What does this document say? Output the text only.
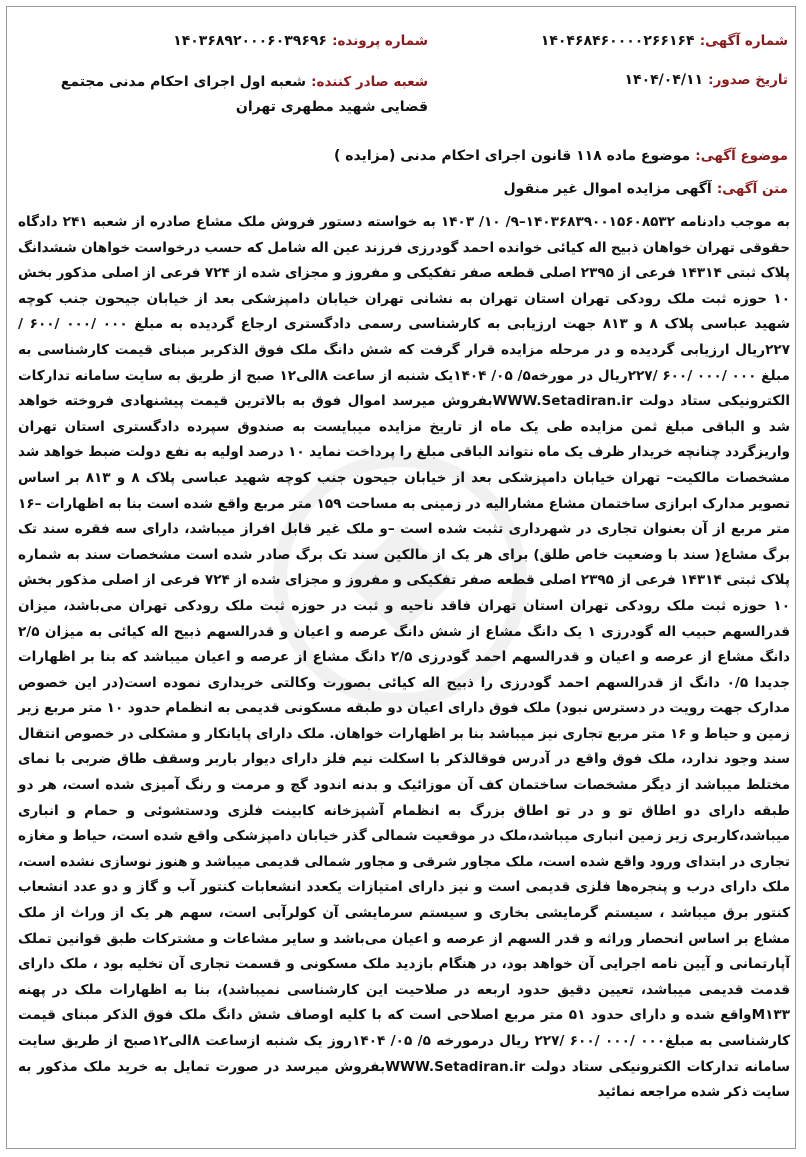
شماره آگهی: ۱۴۰۴۶۸۴۶۰۰۰۰۲۶۶۱۶۴
شماره پرونده: ۱۴۰۳۶۸۹۲۰۰۰۶۰۳۹۶۹۶
تاریخ صدور: ۱۴۰۴/۰۴/۱۱
شعبه صادر کننده: شعبه اول اجرای احکام مدنی مجتمع قضایی شهید مطهری تهران
موضوع آگهی: موضوع ماده ۱۱۸ قانون اجرای احکام مدنی (مزایده )
متن آگهی: آگهی مزایده اموال غیر منقول
به موجب دادنامه ۱۴۰۳۶۸۳۹۰۰۱۵۶۰۸۵۳۲–۹/ ۱۰/ ۱۴۰۳ به خواسته دستور فروش ملک مشاع صادره از شعبه ۲۴۱ دادگاه حقوقی تهران خواهان ذبیح اله کیائی خوانده احمد گودرزی فرزند عین اله شامل که حسب درخواست خواهان ششدانگ پلاک ثبتی ۱۴۳۱۴ فرعی از ۲۳۹۵ اصلی قطعه صفر تفکیکی و مفروز و مجزای شده از ۷۲۴ فرعی از اصلی مذکور بخش ۱۰ حوزه ثبت ملک رودکی تهران استان تهران به نشانی تهران خیابان دامپزشکی بعد از خیابان جیحون جنب کوچه شهید عباسی پلاک ۸ و ۸۱۳ جهت ارزیابی به کارشناسی رسمی دادگستری ارجاع گردیده به مبلغ ۰۰۰ /۰۰۰ /۶۰۰ /۲۲۷ریال ارزیابی گردیده و در مرحله مزایده قرار گرفت که شش دانگ ملک فوق الذکربر مبنای قیمت کارشناسی به مبلغ ۰۰۰ /۰۰۰ /۶۰۰ /۲۲۷ریال در مورخه۵/ ۰۵/ ۱۴۰۴یک شنبه از ساعت ۸الی۱۲ صبح از طریق به سایت سامانه تدارکات الکترونیکی ستاد دولت WWW.Setadiran.irبفروش میرسد اموال فوق به بالاترین قیمت پیشنهادی فروخته خواهد شد و الباقی مبلغ ثمن مزایده طی یک ماه از تاریخ مزایده میبایست به صندوق سپرده دادگستری استان تهران واریزگردد چنانچه خریدار ظرف یک ماه نتواند الباقی مبلغ را پرداخت نماید ۱۰ درصد اولیه به نفع دولت ضبط خواهد شد مشخصات مالکیت– تهران خیابان دامپزشکی بعد از خیابان جیحون جنب کوچه شهید عباسی پلاک ۸ و ۸۱۳ بر اساس تصویر مدارک ابرازی ساختمان مشاع مشارالیه در زمینی به مساحت ۱۵۹ متر مربع واقع شده است بنا به اظهارات –۱۶ متر مربع از آن بعنوان تجاری در شهرداری تثبت شده است –و ملک غیر قابل افراز میباشد، دارای سه فقره سند تک برگ مشاع( سند با وضعیت خاص طلق) برای هر یک از مالکین سند تک برگ صادر شده است مشخصات سند به شماره پلاک ثبتی ۱۴۳۱۴ فرعی از ۲۳۹۵ اصلی قطعه صفر تفکیکی و مفروز و مجزای شده از ۷۲۴ فرعی از اصلی مذکور بخش ۱۰ حوزه ثبت ملک رودکی تهران استان تهران فاقد ناحیه و ثبت در حوزه ثبت ملک رودکی تهران می‌باشد، میزان قدرالسهم حبیب اله گودرزی ۱ یک دانگ مشاع از شش دانگ عرصه و اعیان و قدرالسهم ذبیح اله کیائی به میزان ۲/۵ دانگ مشاع از عرصه و اعیان و قدرالسهم احمد گودرزی ۲/۵ دانگ مشاع از عرصه و اعیان میباشد که بنا بر اظهارات جدیدا ۰/۵ دانگ از قدرالسهم احمد گودرزی را ذبیح اله کیائی بصورت وکالتی خریداری نموده است(در این خصوص مدارک جهت رویت در دسترس نبود) ملک فوق دارای اعیان دو طبقه مسکونی قدیمی به انظمام حدود ۱۰ متر مربع زیر زمین و حیاط و ۱۶ متر مربع تجاری نیز میباشد بنا بر اظهارات خواهان. ملک دارای پایانکار و مشکلی در خصوص انتقال سند وجود ندارد، ملک فوق واقع در آدرس فوقالذکر با اسکلت نیم فلز دارای دیوار باربر وسقف طاق ضربی با نمای مختلط میباشد از دیگر مشخصات ساختمان کف آن موزائیک و بدنه اندود گچ و مرمت و رنگ آمیزی شده است، هر دو طبقه دارای دو اطاق تو و در تو اطاق بزرگ به انظمام آشپزخانه کابینت فلزی ودستشوئی و حمام و انباری میباشد،کاربری زیر زمین انباری میباشد،ملک در موقعیت شمالی گذر خیابان دامپزشکی واقع شده است، حیاط و مغازه تجاری در ابتدای ورود واقع شده است، ملک مجاور شرقی و مجاور شمالی قدیمی میباشد و هنوز نوسازی نشده است، ملک دارای درب و پنجره‌ها فلزی قدیمی است و نیز دارای امتیازات یکعدد انشعابات کنتور آب و گاز و دو عدد انشعاب کنتور برق میباشد ، سیستم گرمایشی بخاری و سیستم سرمایشی آن کولرآبی است، سهم هر یک از وراث از ملک مشاع بر اساس انحصار وراثه و قدر السهم از عرصه و اعیان می‌باشد و سایر مشاعات و مشترکات طبق قوانین تملک آپارتمانی و آیین نامه اجرایی آن خواهد بود، در هنگام بازدید ملک مسکونی و قسمت تجاری آن تخلیه بود ، ملک دارای قدمت قدیمی میباشد، تعیین دقیق حدود اربعه در صلاحیت این کارشناسی نمیباشد)، بنا به اظهارات ملک در پهنه M۱۳۳واقع شده و دارای حدود ۵۱ متر مربع اصلاحی است که با کلیه اوصاف شش دانگ ملک فوق الذکر مبنای قیمت کارشناسی به مبلغ۰۰۰ /۰۰۰ /۶۰۰ /۲۲۷ ریال درمورخه ۵/ ۰۵/ ۱۴۰۴روز یک شنبه ازساعت ۸الی۱۲صبح از طریق سایت سامانه تدارکات الکترونیکی ستاد دولت WWW.Setadiran.irبفروش میرسد در صورت تمایل به خرید ملک مذکور به سایت ذکر شده مراجعه نمائید
